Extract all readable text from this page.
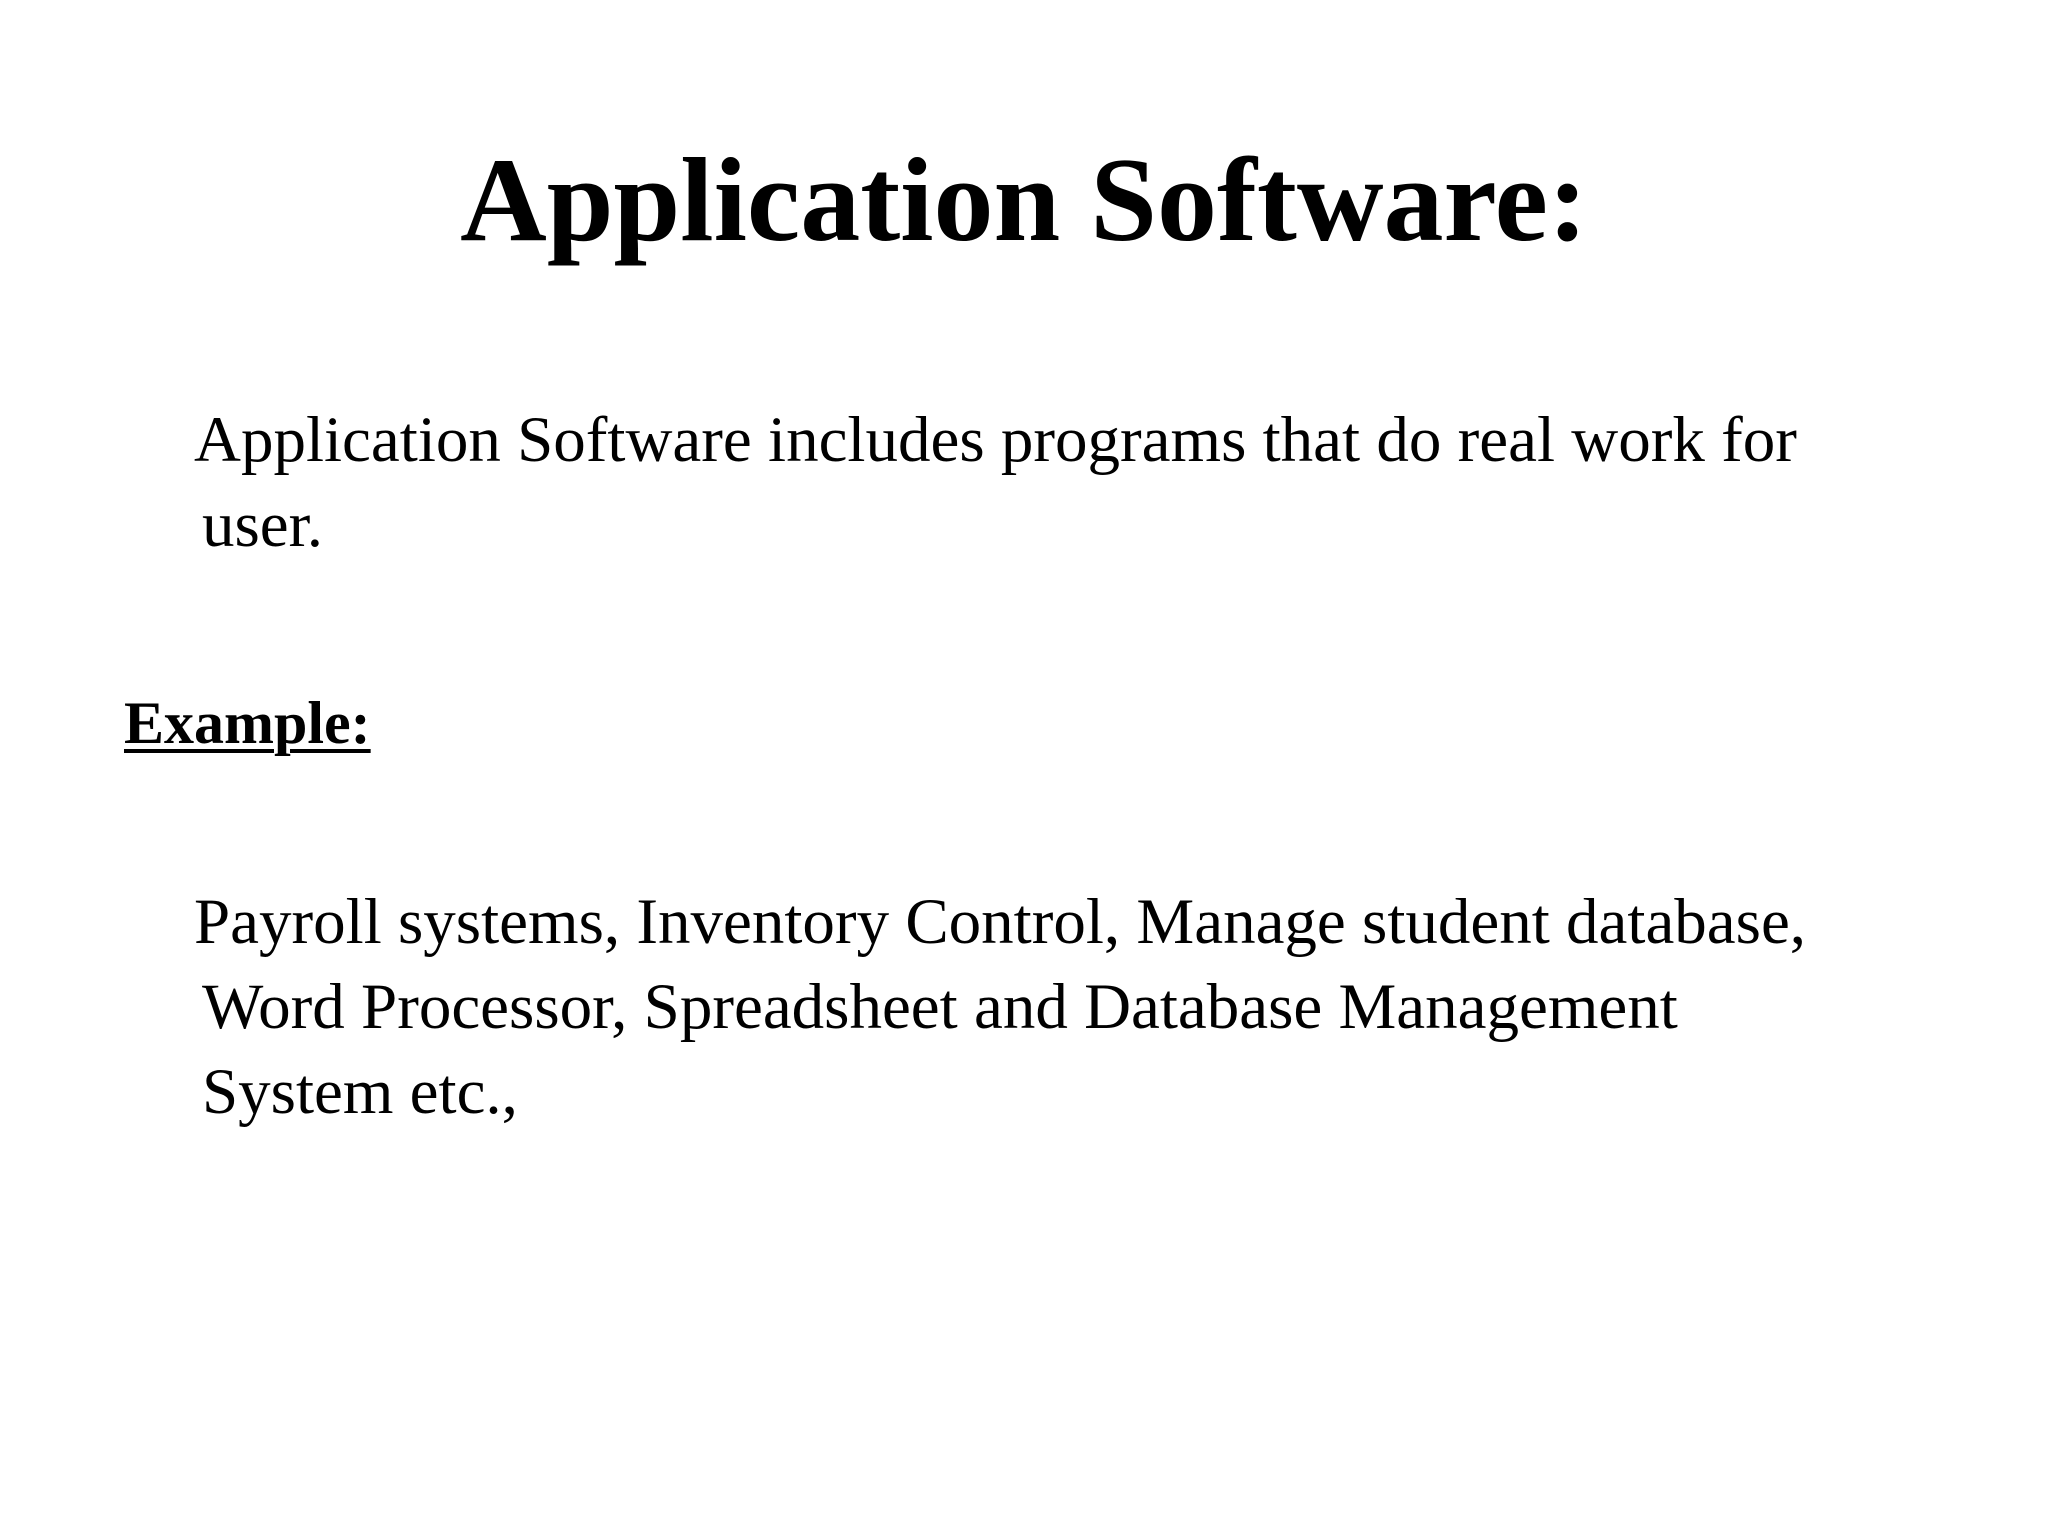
Application Software:

Application Software includes programs that do real work for
user.

Example:

Payroll systems, Inventory Control, Manage student database,
Word Processor, Spreadsheet and Database Management
System etc.,
